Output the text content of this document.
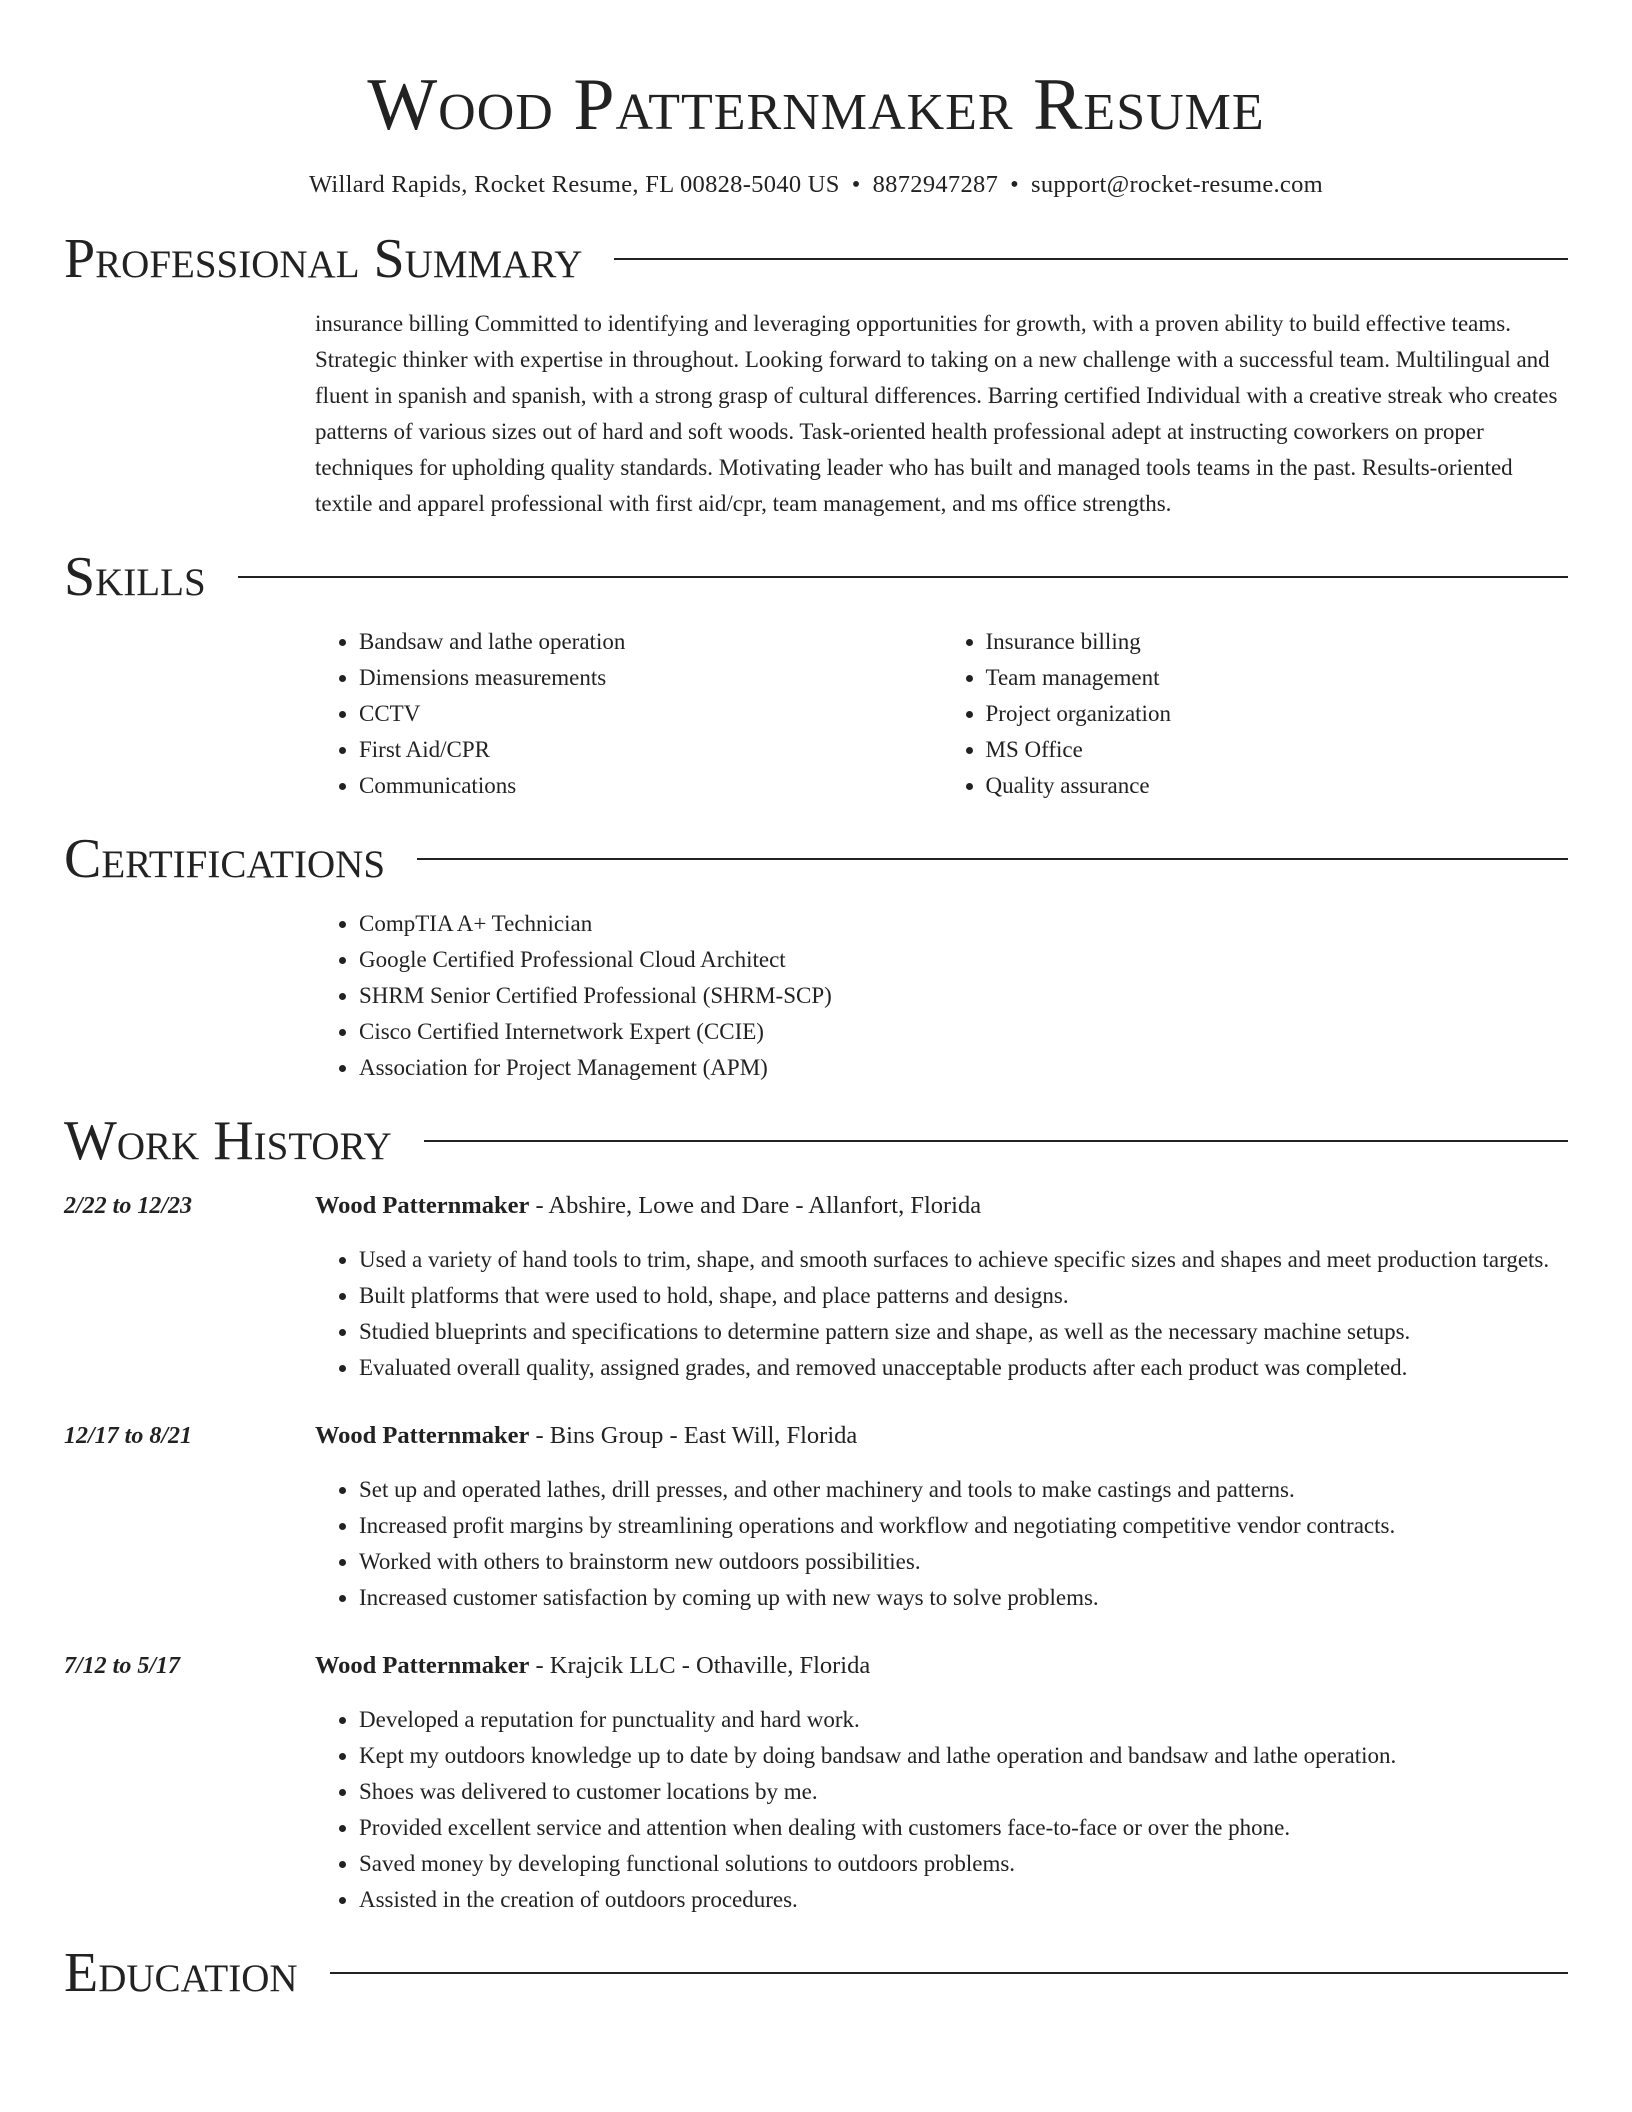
Wood Patternmaker Resume
Willard Rapids, Rocket Resume, FL 00828-5040 US • 8872947287 • support@rocket-resume.com
Professional Summary

insurance billing Committed to identifying and leveraging opportunities for growth, with a proven ability to build effective teams. Strategic thinker with expertise in throughout. Looking forward to taking on a new challenge with a successful team. Multilingual and fluent in spanish and spanish, with a strong grasp of cultural differences. Barring certified Individual with a creative streak who creates patterns of various sizes out of hard and soft woods. Task-oriented health professional adept at instructing coworkers on proper techniques for upholding quality standards. Motivating leader who has built and managed tools teams in the past. Results-oriented textile and apparel professional with first aid/cpr, team management, and ms office strengths.

Skills
• Bandsaw and lathe operation
• Dimensions measurements
• CCTV
• First Aid/CPR
• Communications
• Insurance billing
• Team management
• Project organization
• MS Office
• Quality assurance
Certifications
• CompTIA A+ Technician
• Google Certified Professional Cloud Architect
• SHRM Senior Certified Professional (SHRM-SCP)
• Cisco Certified Internetwork Expert (CCIE)
• Association for Project Management (APM)
Work History
2/22 to 12/23	Wood Patternmaker - Abshire, Lowe and Dare - Allanfort, Florida
• Used a variety of hand tools to trim, shape, and smooth surfaces to achieve specific sizes and shapes and meet production targets.
• Built platforms that were used to hold, shape, and place patterns and designs.
• Studied blueprints and specifications to determine pattern size and shape, as well as the necessary machine setups.
• Evaluated overall quality, assigned grades, and removed unacceptable products after each product was completed.
12/17 to 8/21	Wood Patternmaker - Bins Group - East Will, Florida
• Set up and operated lathes, drill presses, and other machinery and tools to make castings and patterns.
• Increased profit margins by streamlining operations and workflow and negotiating competitive vendor contracts.
• Worked with others to brainstorm new outdoors possibilities.
• Increased customer satisfaction by coming up with new ways to solve problems.
7/12 to 5/17	Wood Patternmaker - Krajcik LLC - Othaville, Florida
• Developed a reputation for punctuality and hard work.
• Kept my outdoors knowledge up to date by doing bandsaw and lathe operation and bandsaw and lathe operation.
• Shoes was delivered to customer locations by me.
• Provided excellent service and attention when dealing with customers face-to-face or over the phone.
• Saved money by developing functional solutions to outdoors problems.
• Assisted in the creation of outdoors procedures.
Education
